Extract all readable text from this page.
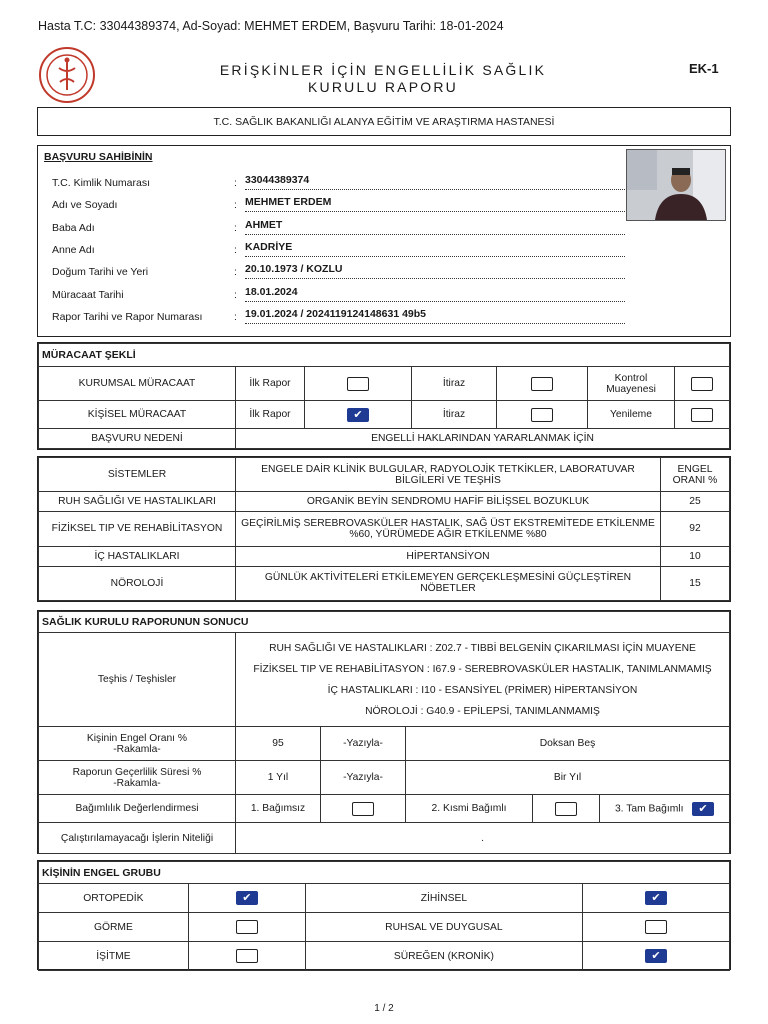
Hasta T.C: 33044389374, Ad-Soyad: MEHMET ERDEM, Başvuru Tarihi: 18-01-2024
ERİŞKİNLER İÇİN ENGELLİLİK SAĞLIK
KURULU RAPORU
EK-1
T.C. SAĞLIK BAKANLIĞI ALANYA EĞİTİM VE ARAŞTIRMA HASTANESİ
BAŞVURU SAHİBİNİN
T.C. Kimlik Numarası	: 33044389374
Adı ve Soyadı	: MEHMET ERDEM
Baba Adı	: AHMET
Anne Adı	: KADRİYE
Doğum Tarihi ve Yeri	: 20.10.1973 / KOZLU
Müracaat Tarihi	: 18.01.2024
Rapor Tarihi ve Rapor Numarası	: 19.01.2024 / 2024119124148631 49b5
MÜRACAAT ŞEKLİ						
KURUMSAL MÜRACAAT	İlk Rapor		İtiraz		Kontrol Muayenesi	
KİŞİSEL MÜRACAAT	İlk Rapor	✔	İtiraz		Yenileme	
BAŞVURU NEDENİ	ENGELLİ HAKLARINDAN YARARLANMAK İÇİN					
SİSTEMLER	ENGELE DAİR KLİNİK BULGULAR, RADYOLOJİK TETKİKLER, LABORATUVAR BİLGİLERİ VE TEŞHİS	ENGEL ORANI %
RUH SAĞLIĞI VE HASTALIKLARI	ORGANİK BEYİN SENDROMU HAFİF BİLİŞSEL BOZUKLUK	25
FİZİKSEL TIP VE REHABİLİTASYON	GEÇİRİLMİŞ SEREBROVASKÜLER HASTALIK, SAĞ ÜST EKSTREMİTEDE ETKİLENME %60, YÜRÜMEDE AĞIR ETKİLENME %80	92
İÇ HASTALIKLARI	HİPERTANSİYON	10
NÖROLOJİ	GÜNLÜK AKTİVİTELERİ ETKİLEMEYEN GERÇEKLEŞMESİNİ GÜÇLEŞTİREN NÖBETLER	15
SAĞLIK KURULU RAPORUNUN SONUCU					
Teşhis / Teşhisler	RUH SAĞLIĞI VE HASTALIKLARI : Z02.7 - TIBBİ BELGENİN ÇIKARILMASI İÇİN MUAYENE
FİZİKSEL TIP VE REHABİLİTASYON : I67.9 - SEREBROVASKÜLER HASTALIK, TANIMLANMAMIŞ
İÇ HASTALIKLARI : I10 - ESANSİYEL (PRİMER) HİPERTANSİYON
NÖROLOJİ : G40.9 - EPİLEPSİ, TANIMLANMAMIŞ				

Kişinin Engel Oranı %
-Rakamla-	95	-Yazıyla-	Doksan Beş		

Raporun Geçerlilik Süresi %
-Rakamla-	1 Yıl	-Yazıyla-	Bir Yıl		
Bağımlılık Değerlendirmesi	1. Bağımsız		2. Kısmi Bağımlı		3. Tam Bağımlı ✔
Çalıştırılamayacağı İşlerin Niteliği	.				
KİŞİNİN ENGEL GRUBU			
ORTOPEDİK	✔	ZİHİNSEL	✔
GÖRME		RUHSAL VE DUYGUSAL	
İŞİTME		SÜREĞEN (KRONİK)	✔
1 / 2
